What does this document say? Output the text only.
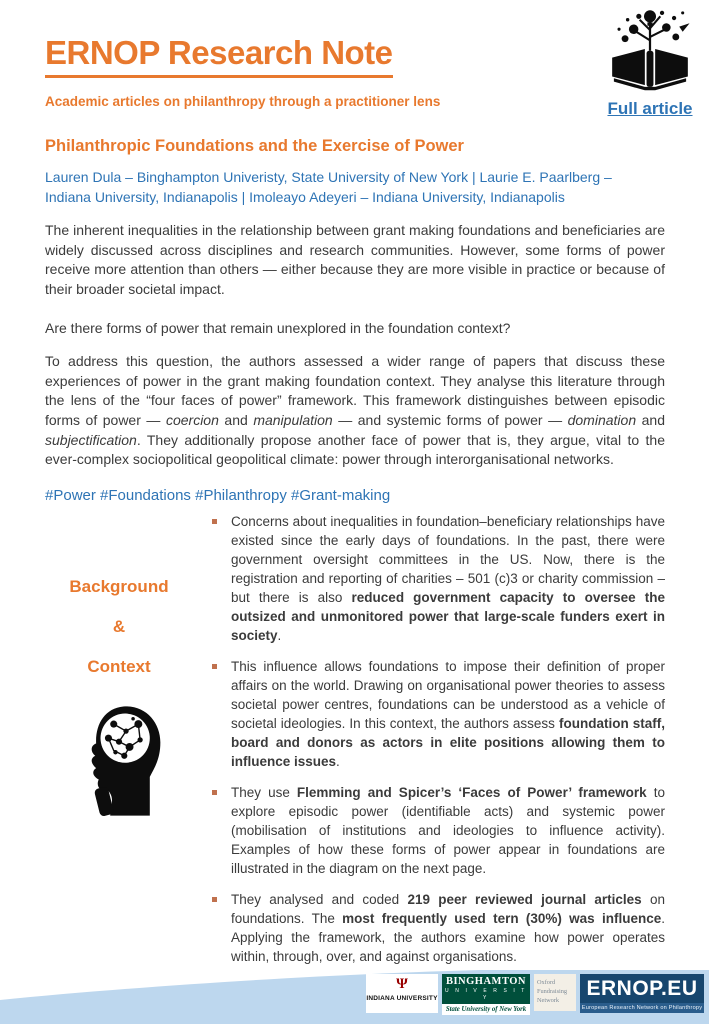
ERNOP Research Note
Academic articles on philanthropy through a practitioner lens
Philanthropic Foundations and the Exercise of Power
Lauren Dula – Binghampton Univeristy, State University of New York | Laurie E. Paarlberg – Indiana University, Indianapolis | Imoleayo Adeyeri – Indiana University, Indianapolis

The inherent inequalities in the relationship between grant making foundations and beneficiaries are widely discussed across disciplines and research communities. However, some forms of power receive more attention than others — either because they are more visible in practice or because of their broader societal impact.

Are there forms of power that remain unexplored in the foundation context?

To address this question, the authors assessed a wider range of papers that discuss these experiences of power in the grant making foundation context. They analyse this literature through the lens of the “four faces of power” framework. This framework distinguishes between episodic forms of power — coercion and manipulation — and systemic forms of power — domination and subjectification. They additionally propose another face of power that is, they argue, vital to the ever-complex sociopolitical geopolitical climate: power through interorganisational networks.

#Power #Foundations #Philanthropy #Grant-making
Background
&
Context
Concerns about inequalities in foundation–beneficiary relationships have existed since the early days of foundations. In the past, there were government oversight committees in the US. Now, there is the registration and reporting of charities – 501 (c)3 or charity commission – but there is also reduced government capacity to oversee the outsized and unmonitored power that large-scale funders exert in society.
This influence allows foundations to impose their definition of proper affairs on the world. Drawing on organisational power theories to assess societal power centres, foundations can be understood as a vehicle of societal ideologies. In this context, the authors assess foundation staff, board and donors as actors in elite positions allowing them to influence issues.
They use Flemming and Spicer’s ‘Faces of Power’ framework to explore episodic power (identifiable acts) and systemic power (mobilisation of institutions and ideologies to influence activity). Examples of how these forms of power appear in foundations are illustrated in the diagram on the next page.
They analysed and coded 219 peer reviewed journal articles on foundations. The most frequently used tern (30%) was influence. Applying the framework, the authors examine how power operates within, through, over, and against organisations.
Full article
Ψ
INDIANA UNIVERSITY
BINGHAMTON
U N I V E R S I T Y
State University of New York
Oxford
Fundraising
Network
ERNOP.EU
European Research Network on Philanthropy
